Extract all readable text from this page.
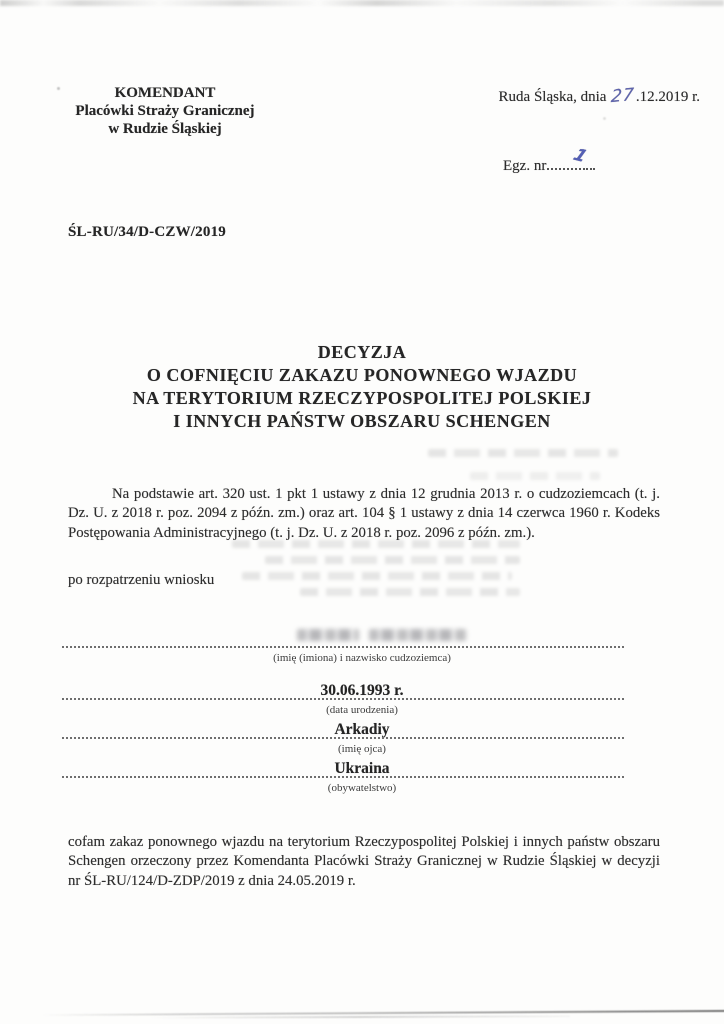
KOMENDANT
Placówki Straży Granicznej
w Rudzie Śląskiej
Ruda Śląska, dnia 27.12.2019 r.
Egz. nr 1
ŚL-RU/34/D-CZW/2019
DECYZJA
O COFNIĘCIU ZAKAZU PONOWNEGO WJAZDU
NA TERYTORIUM RZECZYPOSPOLITEJ POLSKIEJ
I INNYCH PAŃSTW OBSZARU SCHENGEN
Na podstawie art. 320 ust. 1 pkt 1 ustawy z dnia 12 grudnia 2013 r. o cudzoziemcach (t. j. Dz. U. z 2018 r. poz. 2094 z późn. zm.) oraz art. 104 § 1 ustawy z dnia 14 czerwca 1960 r. Kodeks Postępowania Administracyjnego (t. j. Dz. U. z 2018 r. poz. 2096 z późn. zm.).
po rozpatrzeniu wniosku
(imię (imiona) i nazwisko cudzoziemca)
30.06.1993 r.
(data urodzenia)
Arkadiy
(imię ojca)
Ukraina
(obywatelstwo)
cofam zakaz ponownego wjazdu na terytorium Rzeczypospolitej Polskiej i innych państw obszaru Schengen orzeczony przez Komendanta Placówki Straży Granicznej w Rudzie Śląskiej w decyzji nr ŚL-RU/124/D-ZDP/2019 z dnia 24.05.2019 r.
